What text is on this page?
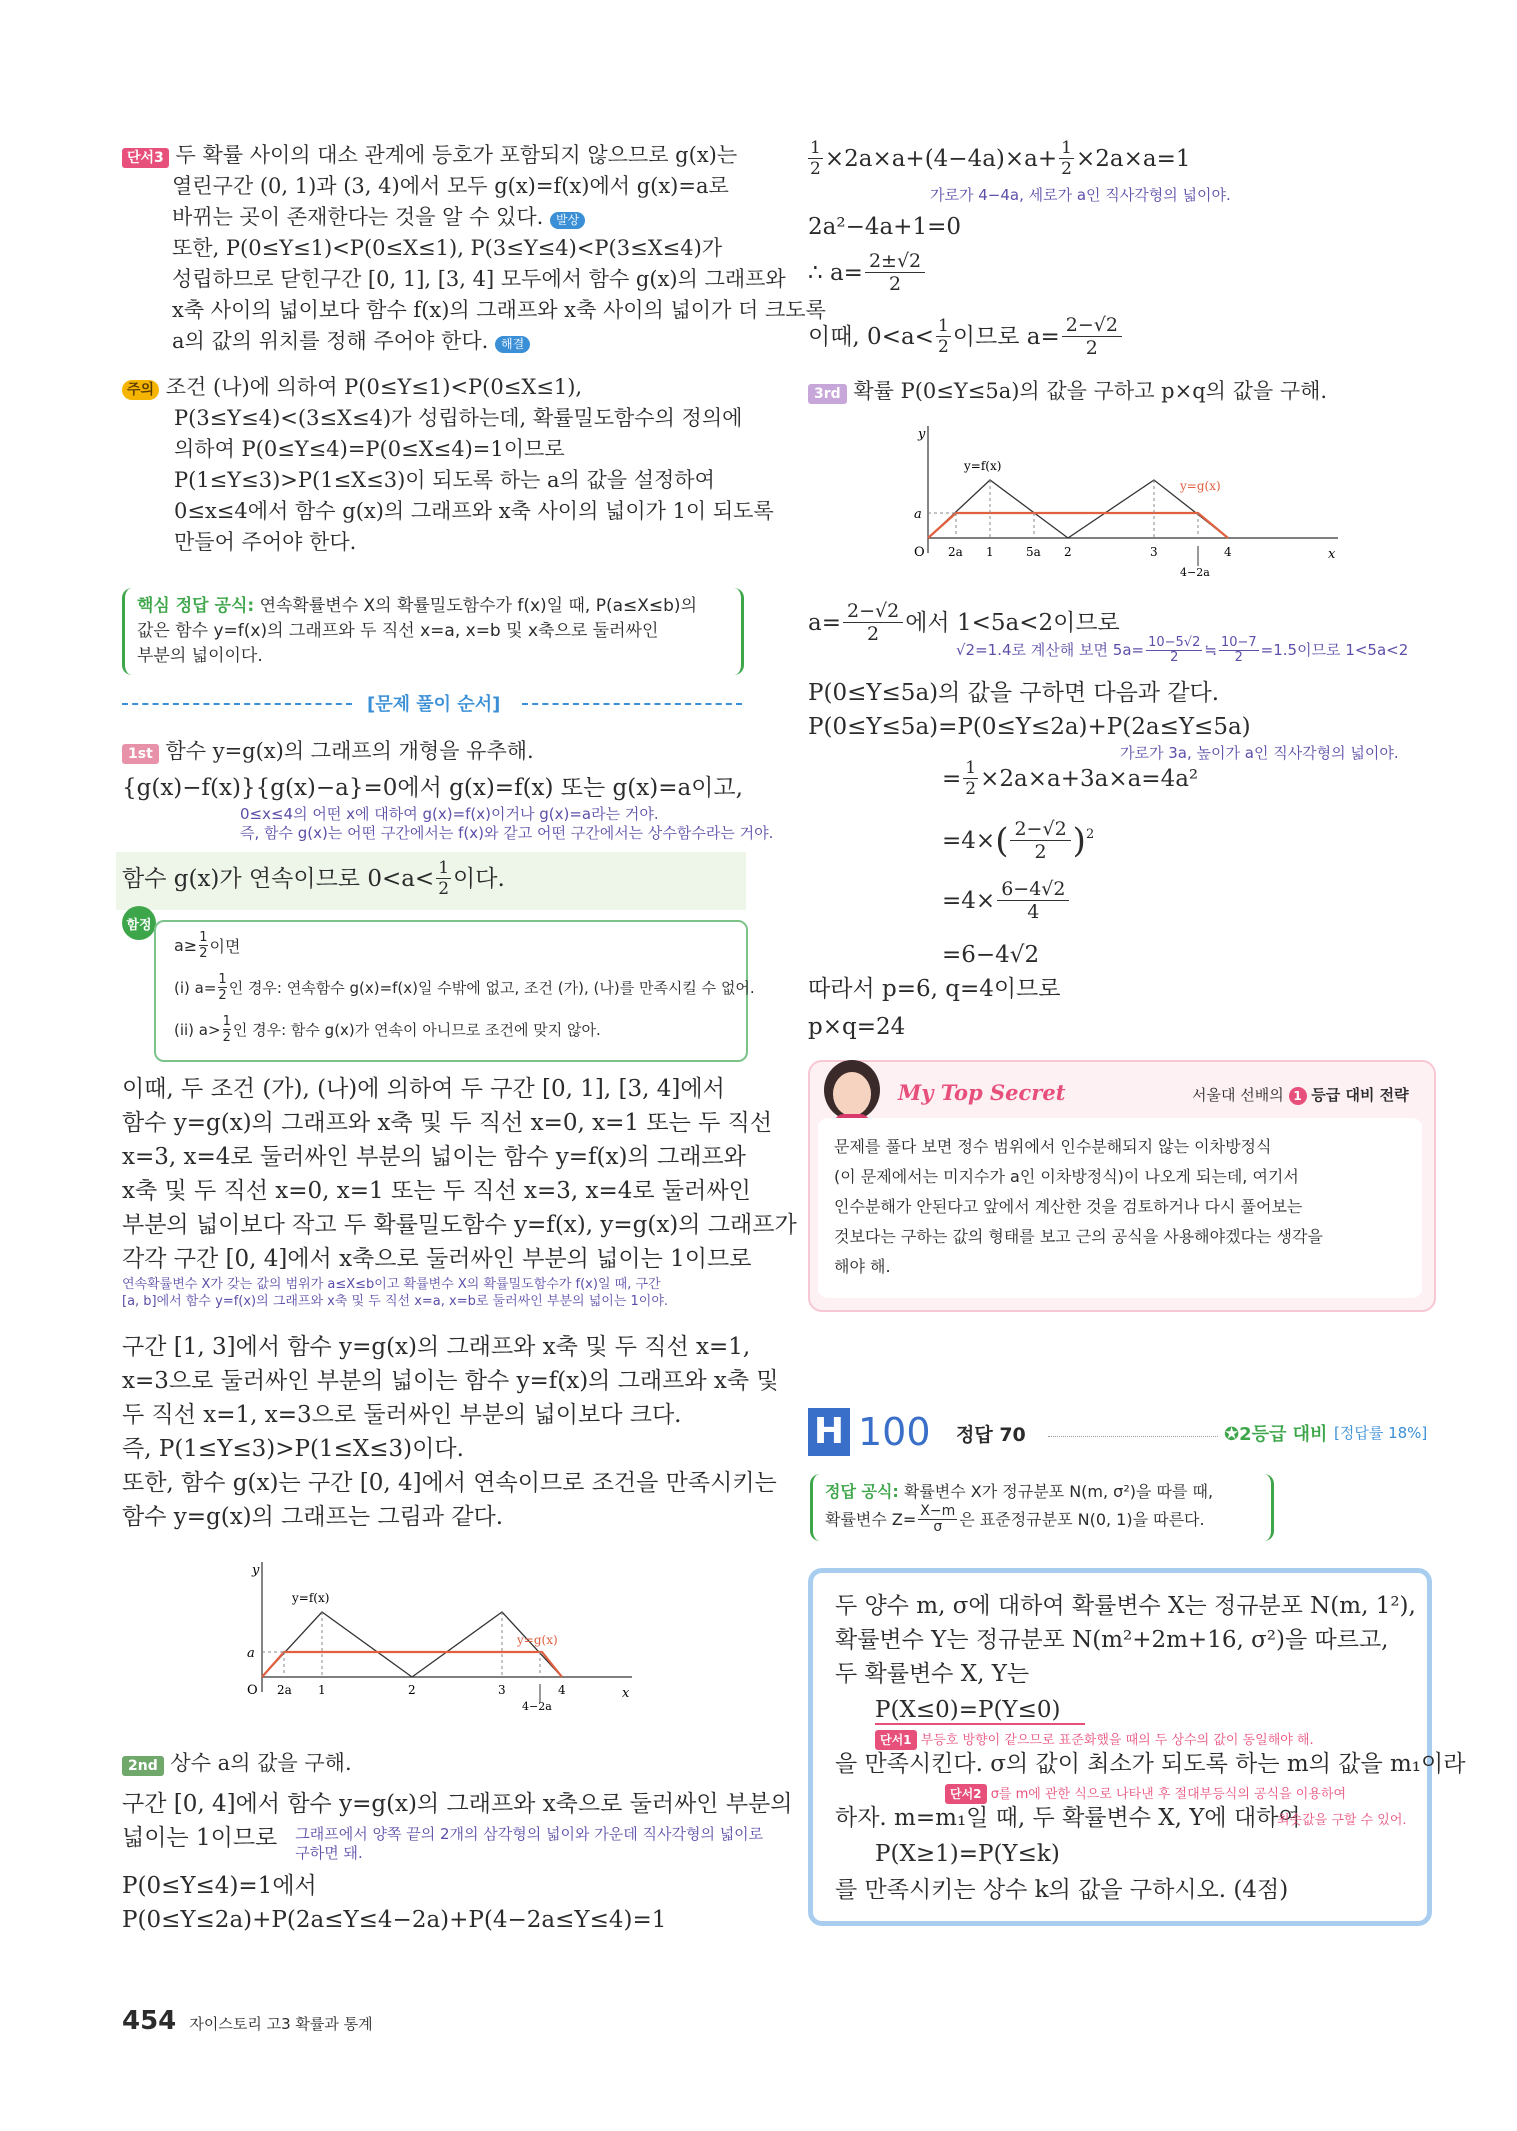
단서3 두 확률 사이의 대소 관계에 등호가 포함되지 않으므로 g(x)는
열린구간 (0, 1)과 (3, 4)에서 모두 g(x)=f(x)에서 g(x)=a로
바뀌는 곳이 존재한다는 것을 알 수 있다. 발상
또한, P(0≤Y≤1)<P(0≤X≤1), P(3≤Y≤4)<P(3≤X≤4)가
성립하므로 닫힌구간 [0, 1], [3, 4] 모두에서 함수 g(x)의 그래프와
x축 사이의 넓이보다 함수 f(x)의 그래프와 x축 사이의 넓이가 더 크도록
a의 값의 위치를 정해 주어야 한다. 해결
주의 조건 (나)에 의하여 P(0≤Y≤1)<P(0≤X≤1),
P(3≤Y≤4)<(3≤X≤4)가 성립하는데, 확률밀도함수의 정의에
의하여 P(0≤Y≤4)=P(0≤X≤4)=1이므로
P(1≤Y≤3)>P(1≤X≤3)이 되도록 하는 a의 값을 설정하여
0≤x≤4에서 함수 g(x)의 그래프와 x축 사이의 넓이가 1이 되도록
만들어 주어야 한다.
핵심 정답 공식: 연속확률변수 X의 확률밀도함수가 f(x)일 때, P(a≤X≤b)의
값은 함수 y=f(x)의 그래프와 두 직선 x=a, x=b 및 x축으로 둘러싸인
부분의 넓이이다.
[문제 풀이 순서]
1st 함수 y=g(x)의 그래프의 개형을 유추해.
{g(x)−f(x)}{g(x)−a}=0에서 g(x)=f(x) 또는 g(x)=a이고,
0≤x≤4의 어떤 x에 대하여 g(x)=f(x)이거나 g(x)=a라는 거야.
즉, 함수 g(x)는 어떤 구간에서는 f(x)와 같고 어떤 구간에서는 상수함수라는 거야.
함수 g(x)가 연속이므로 $0<a< \frac{1}{2}$ 이다.
함정
$a\ge \frac{1}{2}$ 이면
(i) $a= \frac{1}{2}$ 인 경우: 연속함수 g(x)=f(x)일 수밖에 없고, 조건 (가), (나)를 만족시킬 수 없어.
(ii) $a> \frac{1}{2}$ 인 경우: 함수 g(x)가 연속이 아니므로 조건에 맞지 않아.
이때, 두 조건 (가), (나)에 의하여 두 구간 [0, 1], [3, 4]에서
함수 y=g(x)의 그래프와 x축 및 두 직선 x=0, x=1 또는 두 직선
x=3, x=4로 둘러싸인 부분의 넓이는 함수 y=f(x)의 그래프와
x축 및 두 직선 x=0, x=1 또는 두 직선 x=3, x=4로 둘러싸인
부분의 넓이보다 작고 두 확률밀도함수 y=f(x), y=g(x)의 그래프가
각각 구간 [0, 4]에서 x축으로 둘러싸인 부분의 넓이는 1이므로
연속확률변수 X가 갖는 값의 범위가 a≤X≤b이고 확률변수 X의 확률밀도함수가 f(x)일 때, 구간
[a, b]에서 함수 y=f(x)의 그래프와 x축 및 두 직선 x=a, x=b로 둘러싸인 부분의 넓이는 1이야.
구간 [1, 3]에서 함수 y=g(x)의 그래프와 x축 및 두 직선 x=1,
x=3으로 둘러싸인 부분의 넓이는 함수 y=f(x)의 그래프와 x축 및
두 직선 x=1, x=3으로 둘러싸인 부분의 넓이보다 크다.
즉, P(1≤Y≤3)>P(1≤X≤3)이다.
또한, 함수 g(x)는 구간 [0, 4]에서 연속이므로 조건을 만족시키는
함수 y=g(x)의 그래프는 그림과 같다.
y
x
O
a
y=f(x)
y=g(x)
2a 1	2	3	4
4−2a
2nd 상수 a의 값을 구해.
구간 [0, 4]에서 함수 y=g(x)의 그래프와 x축으로 둘러싸인 부분의
넓이는 1이므로 그래프에서 양쪽 끝의 2개의 삼각형의 넓이와 가운데 직사각형의 넓이로
구하면 돼.
P(0≤Y≤4)=1에서
P(0≤Y≤2a)+P(2a≤Y≤4−2a)+P(4−2a≤Y≤4)=1
454 자이스토리 고3 확률과 통계
$\frac{1}{2} \times 2a\times a+(4-4a)\times a+ \frac{1}{2} \times 2a\times a=1$
가로가 4−4a, 세로가 a인 직사각형의 넓이야.
2a²−4a+1=0
∴ $a= \frac{2\pm√2}{2}$
이때, $0<a< \frac{1}{2}$ 이므로 $a= \frac{2-√2}{2}$
3rd 확률 P(0≤Y≤5a)의 값을 구하고 p×q의 값을 구해.
y
x
O
a
y=f(x)
y=g(x)
2a 1	5a 2	3	4
4−2a
$a= \frac{2-√2}{2}$ 에서 1<5a<2이므로
√2=1.4로 계산해 보면 $5a= \frac{10-5√2}{2}$ ≒ $\frac{10-7}{2} =1.5$이므로 1<5a<2
P(0≤Y≤5a)의 값을 구하면 다음과 같다.
P(0≤Y≤5a)=P(0≤Y≤2a)+P(2a≤Y≤5a)
가로가 3a, 높이가 a인 직사각형의 넓이야.
= $\frac{1}{2} \times 2a\times a+3a\times a=4a^2$
=4× ( $\frac{2-√2}{2} )^2$
$=4\times \frac{6-4√2}{4}$
=6−4√2
따라서 p=6, q=4이므로
p×q=24
My Top Secret	서울대 선배의 1 등급 대비 전략
문제를 풀다 보면 정수 범위에서 인수분해되지 않는 이차방정식
(이 문제에서는 미지수가 a인 이차방정식)이 나오게 되는데, 여기서
인수분해가 안된다고 앞에서 계산한 것을 검토하거나 다시 풀어보는
것보다는 구하는 값의 형태를 보고 근의 공식을 사용해야겠다는 생각을
해야 해.
H 100 정답 70	✪2등급 대비 [정답률 18%]
정답 공식: 확률변수 X가 정규분포 N(m, σ²)을 따를 때,
확률변수 $Z= \frac{X-m}{\sigma}$ 은 표준정규분포 N(0, 1)을 따른다.
두 양수 m, σ에 대하여 확률변수 X는 정규분포 N(m, 1²),
확률변수 Y는 정규분포 N(m²+2m+16, σ²)을 따르고,
두 확률변수 X, Y는
P(X≤0)=P(Y≤0)
단서1 부등호 방향이 같으므로 표준화했을 때의 두 상수의 값이 동일해야 해.
을 만족시킨다. σ의 값이 최소가 되도록 하는 m의 값을 m₁이라
단서2 σ를 m에 관한 식으로 나타낸 후 절대부등식의 공식을 이용하여
하자. m=m₁일 때, 두 확률변수 X, Y에 대하여
최솟값을 구할 수 있어.
P(X≥1)=P(Y≤k)
를 만족시키는 상수 k의 값을 구하시오. (4점)
